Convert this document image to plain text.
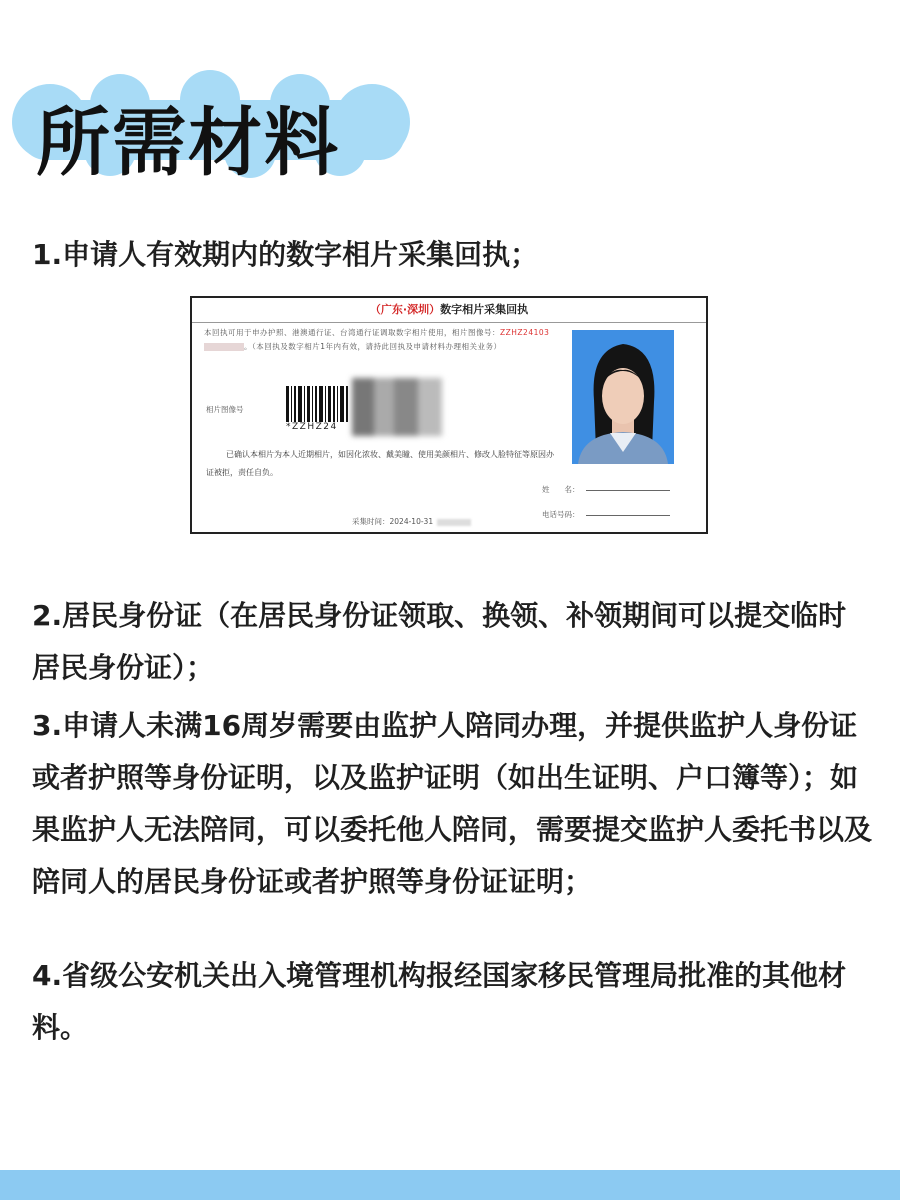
所需材料

1.申请人有效期内的数字相片采集回执；

（广东·深圳）数字相片采集回执
本回执可用于申办护照、港澳通行证、台湾通行证调取数字相片使用，相片图像号：ZZHZ24103。（本回执及数字相片1年内有效，请持此回执及申请材料办理相关业务）
相片图像号
*ZZHZ24
已确认本相片为本人近期相片，如因化浓妆、戴美瞳、使用美颜相片、修改人脸特征等原因办证被拒，责任自负。
采集时间：2024-10-31
姓　　名：
电话号码：

2.居民身份证（在居民身份证领取、换领、补领期间可以提交临时居民身份证）；

3.申请人未满16周岁需要由监护人陪同办理，并提供监护人身份证或者护照等身份证明，以及监护证明（如出生证明、户口簿等）；如果监护人无法陪同，可以委托他人陪同，需要提交监护人委托书以及陪同人的居民身份证或者护照等身份证证明；

4.省级公安机关出入境管理机构报经国家移民管理局批准的其他材料。
